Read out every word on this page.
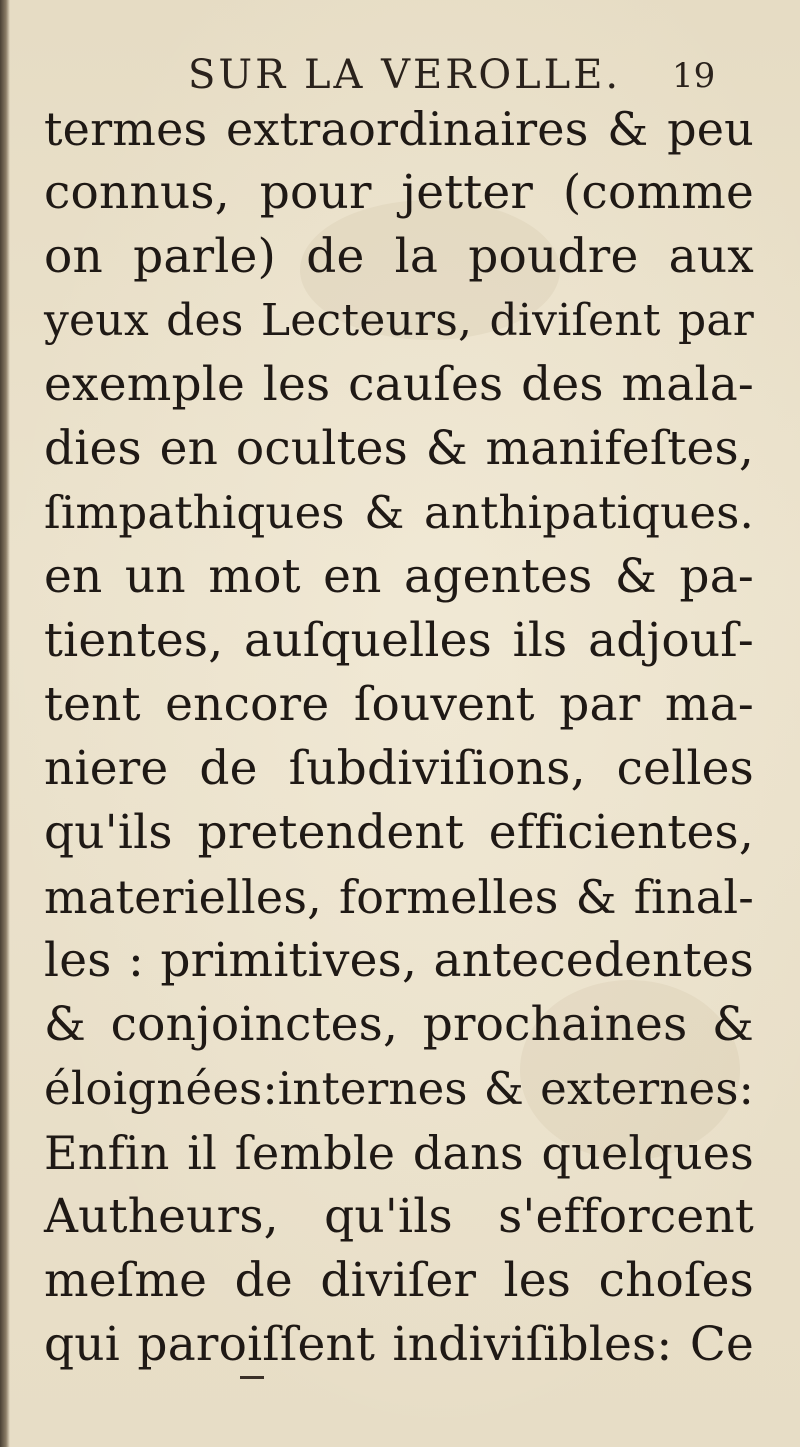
SUR LA VEROLLE. 19
termes extraordinaires & peu
connus, pour jetter (comme
on parle) de la poudre aux
yeux des Lecteurs, diviſent par
exemple les cauſes des mala-
dies en ocultes & manifeſtes,
ſimpathiques & anthipatiques.
en un mot en agentes & pa-
tientes, auſquelles ils adjouſ-
tent encore ſouvent par ma-
niere de ſubdiviſions, celles
qu'ils pretendent efficientes,
materielles, formelles & final-
les : primitives, antecedentes
& conjoinctes, prochaines &
éloignées:internes & externes:
Enfin il ſemble dans quelques
Autheurs, qu'ils s'efforcent
meſme de diviſer les choſes
qui paroiſſent indiviſibles: Ce
